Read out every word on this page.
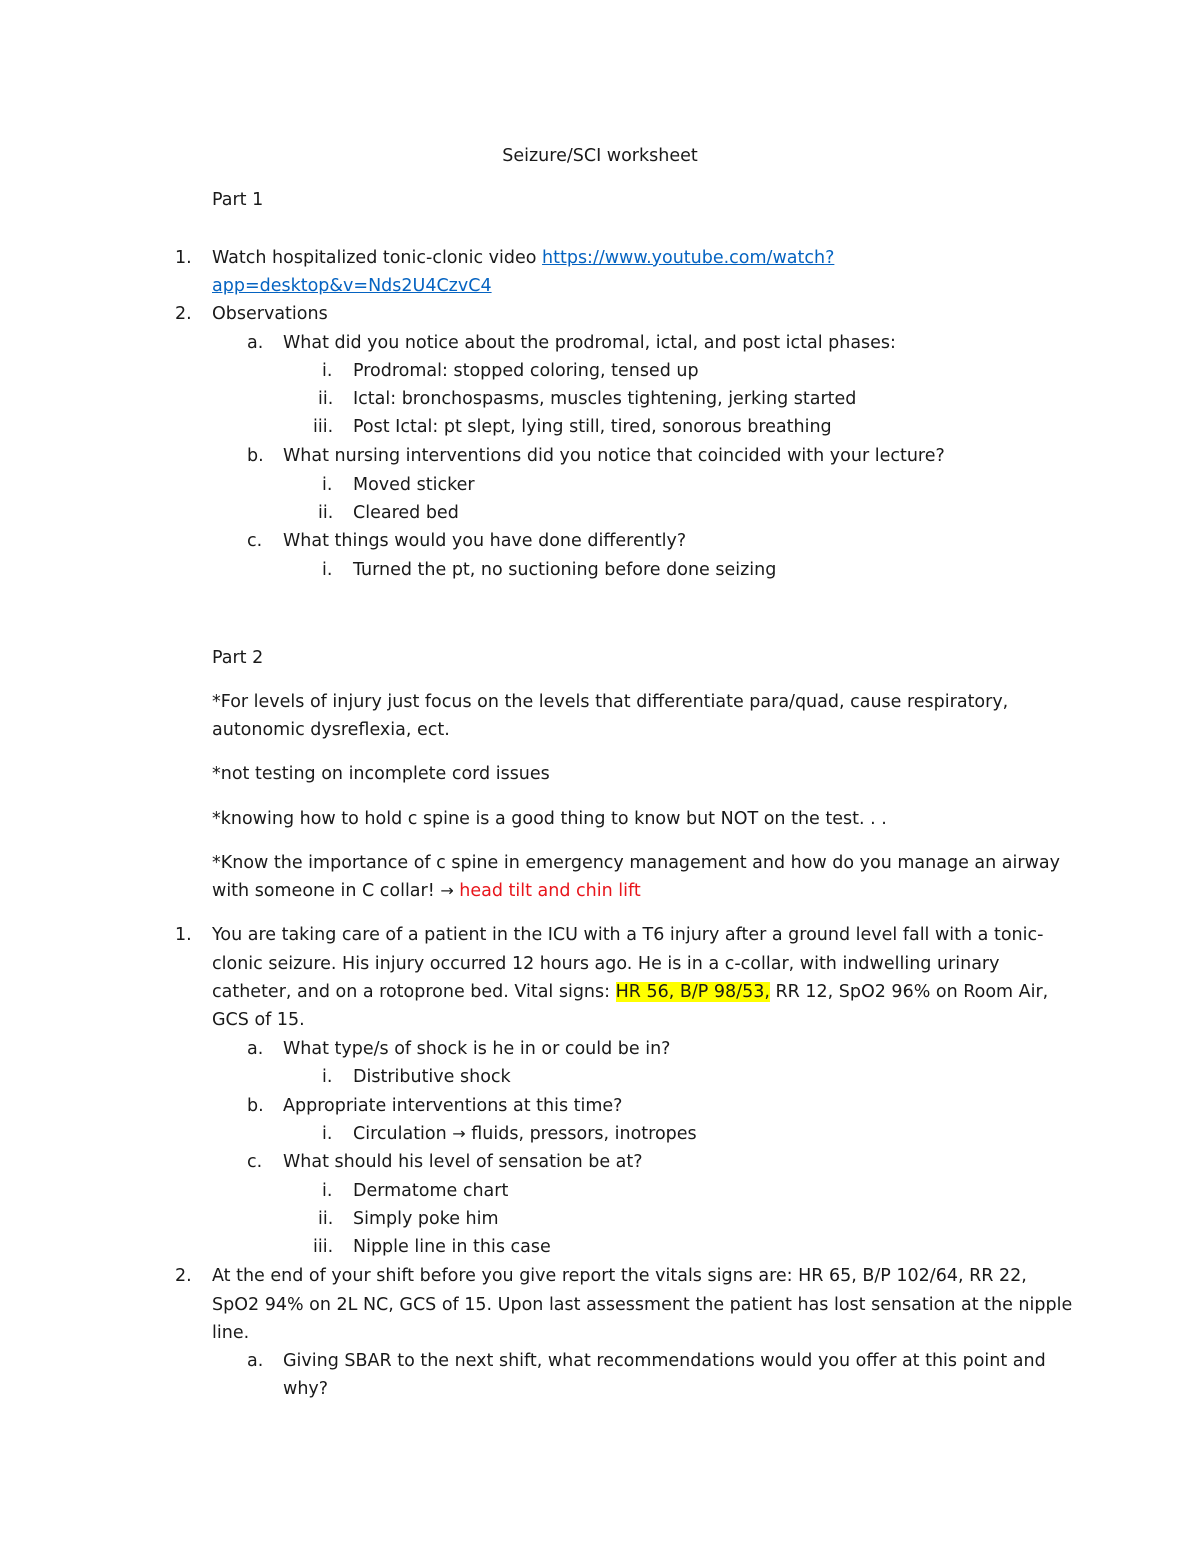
Seizure/SCI worksheet
Part 1
1. Watch hospitalized tonic-clonic video https://www.youtube.com/watch?
app=desktop&v=Nds2U4CzvC4
2. Observations
a. What did you notice about the prodromal, ictal, and post ictal phases:
i. Prodromal: stopped coloring, tensed up
ii. Ictal: bronchospasms, muscles tightening, jerking started
iii. Post Ictal: pt slept, lying still, tired, sonorous breathing
b. What nursing interventions did you notice that coincided with your lecture?
i. Moved sticker
ii. Cleared bed
c. What things would you have done differently?
i. Turned the pt, no suctioning before done seizing
Part 2
*For levels of injury just focus on the levels that differentiate para/quad, cause respiratory,
autonomic dysreflexia, ect.
*not testing on incomplete cord issues
*knowing how to hold c spine is a good thing to know but NOT on the test. . .
*Know the importance of c spine in emergency management and how do you manage an airway
with someone in C collar! → head tilt and chin lift
1. You are taking care of a patient in the ICU with a T6 injury after a ground level fall with a tonic-
clonic seizure. His injury occurred 12 hours ago. He is in a c-collar, with indwelling urinary
catheter, and on a rotoprone bed. Vital signs: HR 56, B/P 98/53, RR 12, SpO2 96% on Room Air,
GCS of 15.
a. What type/s of shock is he in or could be in?
i. Distributive shock
b. Appropriate interventions at this time?
i. Circulation → fluids, pressors, inotropes
c. What should his level of sensation be at?
i. Dermatome chart
ii. Simply poke him
iii. Nipple line in this case
2. At the end of your shift before you give report the vitals signs are: HR 65, B/P 102/64, RR 22,
SpO2 94% on 2L NC, GCS of 15. Upon last assessment the patient has lost sensation at the nipple
line.
a. Giving SBAR to the next shift, what recommendations would you offer at this point and
why?
